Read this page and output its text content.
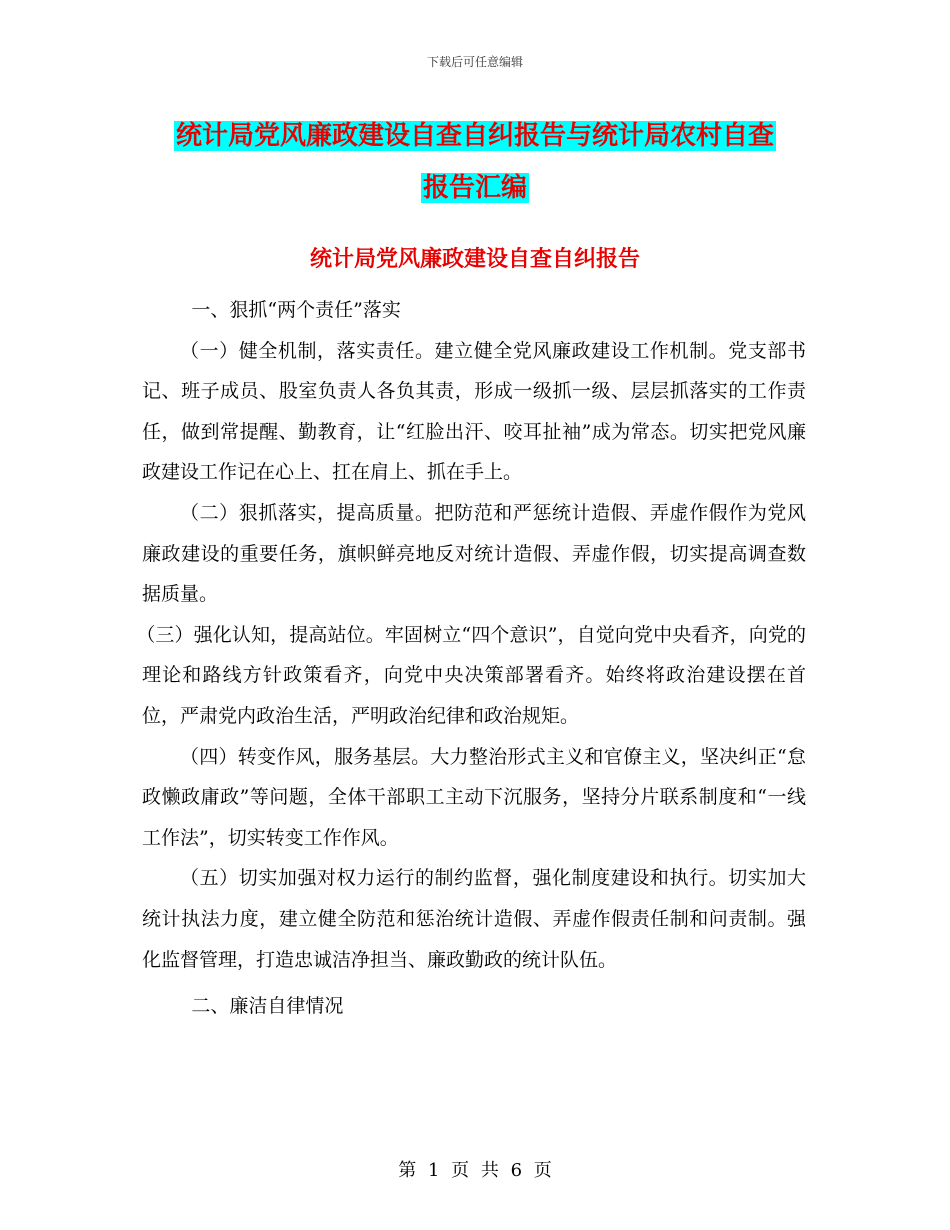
下载后可任意编辑
统计局党风廉政建设自查自纠报告与统计局农村自查
报告汇编
统计局党风廉政建设自查自纠报告

一、狠抓“两个责任”落实

（一）健全机制，落实责任。建立健全党风廉政建设工作机制。党支部书记、班子成员、股室负责人各负其责，形成一级抓一级、层层抓落实的工作责任，做到常提醒、勤教育，让“红脸出汗、咬耳扯袖”成为常态。切实把党风廉政建设工作记在心上、扛在肩上、抓在手上。

（二）狠抓落实，提高质量。把防范和严惩统计造假、弄虚作假作为党风廉政建设的重要任务，旗帜鲜亮地反对统计造假、弄虚作假，切实提高调查数据质量。

（三）强化认知，提高站位。牢固树立“四个意识”，自觉向党中央看齐，向党的理论和路线方针政策看齐，向党中央决策部署看齐。始终将政治建设摆在首位，严肃党内政治生活，严明政治纪律和政治规矩。

（四）转变作风，服务基层。大力整治形式主义和官僚主义，坚决纠正“怠政懒政庸政”等问题，全体干部职工主动下沉服务，坚持分片联系制度和“一线工作法”，切实转变工作作风。

（五）切实加强对权力运行的制约监督，强化制度建设和执行。切实加大统计执法力度，建立健全防范和惩治统计造假、弄虚作假责任制和问责制。强化监督管理，打造忠诚洁净担当、廉政勤政的统计队伍。

二、廉洁自律情况

第 1 页 共 6 页
